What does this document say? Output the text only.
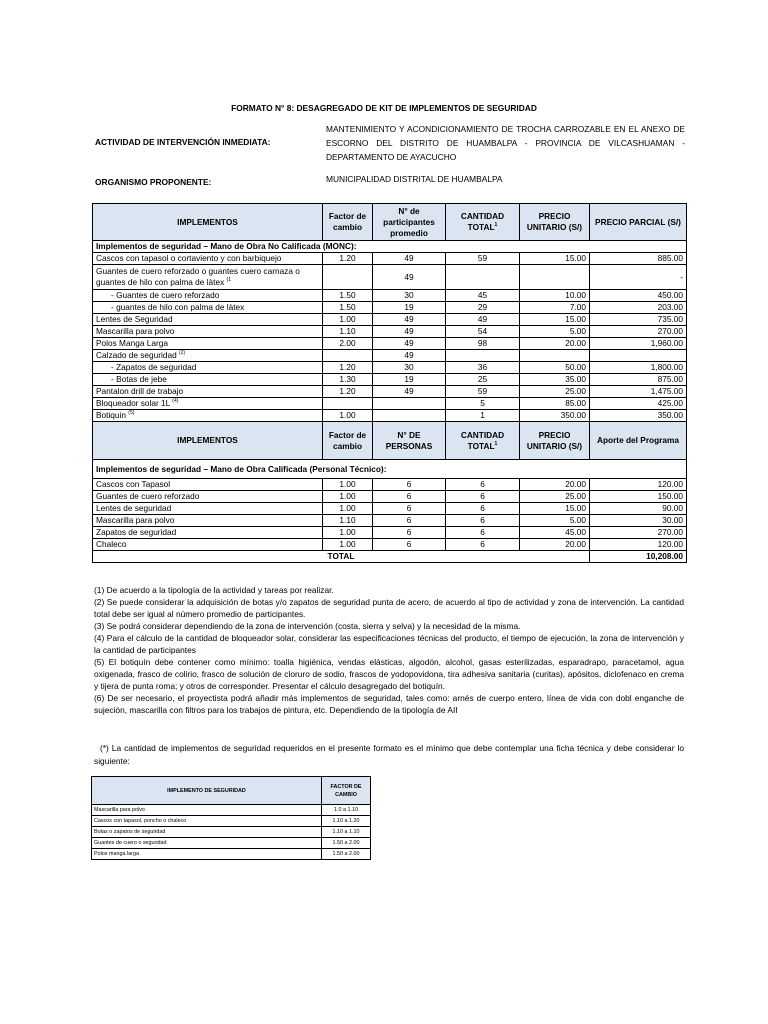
FORMATO N° 8: DESAGREGADO DE KIT DE IMPLEMENTOS DE SEGURIDAD
ACTIVIDAD DE INTERVENCIÓN INMEDIATA:
MANTENIMIENTO Y ACONDICIONAMIENTO DE TROCHA CARROZABLE EN EL ANEXO DE ESCORNO DEL DISTRITO DE HUAMBALPA - PROVINCIA DE VILCASHUAMAN - DEPARTAMENTO DE AYACUCHO
ORGANISMO PROPONENTE:	MUNICIPALIDAD DISTRITAL DE HUAMBALPA
IMPLEMENTOS	Factor de cambio	N° de participantes promedio	CANTIDAD TOTAL$^1$	PRECIO UNITARIO (S/)	PRECIO PARCIAL (S/)
Implementos de seguridad – Mano de Obra No Calificada (MONC):					
Cascos con tapasol o cortaviento y con barbiquejo	1.20	49	59	15.00	885.00
Guantes de cuero reforzado o guantes cuero carnaza o guantes de hilo con palma de làtex $^{(1}$		49			-
- Guantes de cuero reforzado	1.50	30	45	10.00	450.00
- guantes de hilo con palma de làtex	1.50	19	29	7.00	203.00
Lentes de Seguridad	1.00	49	49	15.00	735.00
Mascarilla para polvo	1.10	49	54	5.00	270.00
Polos Manga Larga	2.00	49	98	20.00	1,960.00
Calzado de seguridad $^{(2)}$		49			
- Zapatos de seguridad	1.20	30	36	50.00	1,800.00
- Botas de jebe	1.30	19	25	35.00	875.00
Pantalon drill de trabajo	1.20	49	59	25.00	1,475.00
Bloqueador solar 1L $^{(4)}$			5	85.00	425.00
Botiquin $^{(5)}$	1.00		1	350.00	350.00
IMPLEMENTOS	Factor de cambio	N° DE PERSONAS	CANTIDAD TOTAL$^1$	PRECIO UNITARIO (S/)	Aporte del Programa
Implementos de seguridad – Mano de Obra Calificada (Personal Técnico):					
Cascos con Tapasol	1.00	6	6	20.00	120.00
Guantes de cuero reforzado	1.00	6	6	25.00	150.00
Lentes de seguridad	1.00	6	6	15.00	90.00
Mascarilla para polvo	1.10	6	6	5.00	30.00
Zapatos de seguridad	1.00	6	6	45.00	270.00
Chaleco	1.00	6	6	20.00	120.00
TOTAL					10,208.00

(1) De acuerdo a la tipología de la actividad y tareas por realizar.

(2) Se puede considerar la adquisición de botas y/o zapatos de seguridad punta de acero, de acuerdo al tipo de actividad y zona de intervención. La cantidad total debe ser igual al número promedio de participantes.

(3) Se podrá considerar dependiendo de la zona de intervención (costa, sierra y selva) y la necesidad de la misma.

(4) Para el cálculo de la cantidad de bloqueador solar, considerar las especificaciones técnicas del producto, el tiempo de ejecución, la zona de intervención y la cantidad de participantes

(5) El botiquín debe contener como mínimo: toalla higiénica, vendas elásticas, algodón, alcohol, gasas esterilizadas, esparadrapo, paracetamol, agua oxigenada, frasco de colirio, frasco de solución de cloruro de sodio, frascos de yodopovidona, tira adhesiva sanitaria (curitas), apósitos, diclofenaco en crema y tijera de punta roma; y otros de corresponder. Presentar el cálculo desagregado del botiquín.

(6) De ser necesario, el proyectista podrá añadir más implementos de seguridad, tales como: arnés de cuerpo entero, línea de vida con dobl enganche de sujeción, mascarilla con filtros para los trabajos de pintura, etc. Dependiendo de la tipología de AII

(*) La cantidad de implementos de seguridad requeridos en el presente formato es el mínimo que debe contemplar una ficha técnica y debe considerar lo siguiente:
IMPLEMENTO DE SEGURIDAD	FACTOR DE CAMBIO
Mascarilla para polvo	1.0 a 1.10
Cascos con tapasol, poncho o chaleco	1.10 a 1.20
Botas o zapatos de seguridad	1.10 a 1.10
Guantes de cuero o seguridad	1.50 a 2.00
Polos manga larga	1.50 a 2.00
